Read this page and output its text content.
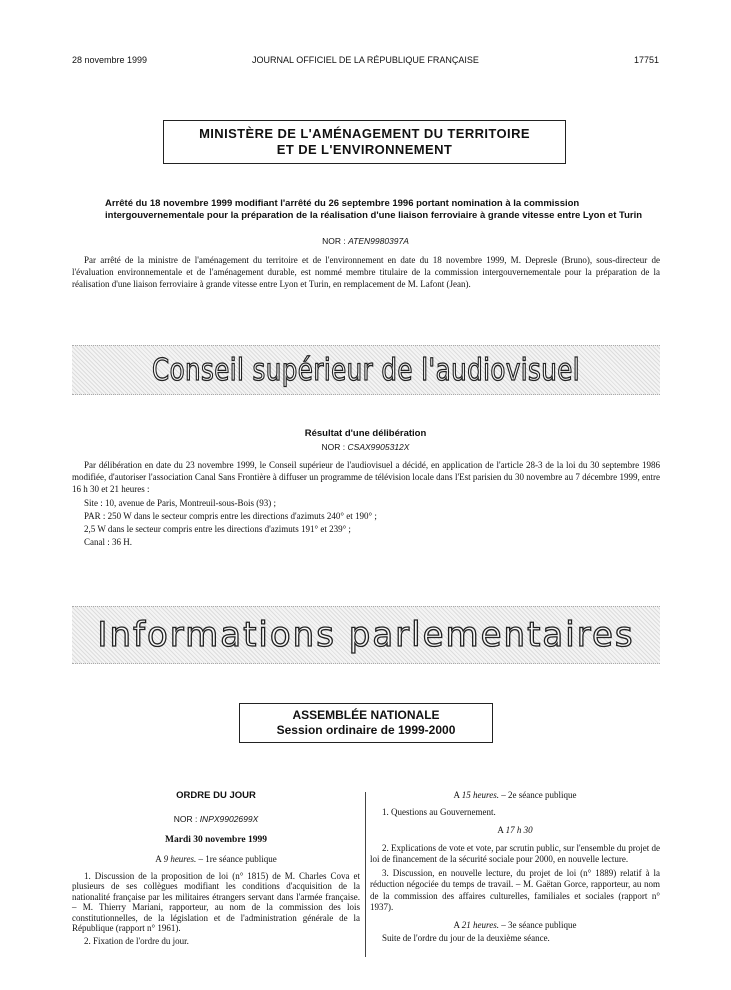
28 novembre 1999	JOURNAL OFFICIEL DE LA RÉPUBLIQUE FRANÇAISE	17751
MINISTÈRE DE L'AMÉNAGEMENT DU TERRITOIRE
ET DE L'ENVIRONNEMENT
Arrêté du 18 novembre 1999 modifiant l'arrêté du 26 septembre 1996 portant nomination à la commission intergouvernementale pour la préparation de la réalisation d'une liaison ferroviaire à grande vitesse entre Lyon et Turin
NOR : ATEN9980397A
Par arrêté de la ministre de l'aménagement du territoire et de l'environnement en date du 18 novembre 1999, M. Depresle (Bruno), sous-directeur de l'évaluation environnementale et de l'aménagement durable, est nommé membre titulaire de la commission intergouvernementale pour la préparation de la réalisation d'une liaison ferroviaire à grande vitesse entre Lyon et Turin, en remplacement de M. Lafont (Jean).
Conseil supérieur de l'audiovisuel
Résultat d'une délibération
NOR : CSAX9905312X
Par délibération en date du 23 novembre 1999, le Conseil supérieur de l'audiovisuel a décidé, en application de l'article 28-3 de la loi du 30 septembre 1986 modifiée, d'autoriser l'association Canal Sans Frontière à diffuser un programme de télévision locale dans l'Est parisien du 30 novembre au 7 décembre 1999, entre 16 h 30 et 21 heures :
Site : 10, avenue de Paris, Montreuil-sous-Bois (93) ;
PAR : 250 W dans le secteur compris entre les directions d'azimuts 240° et 190° ;
2,5 W dans le secteur compris entre les directions d'azimuts 191° et 239° ;
Canal : 36 H.
Informations parlementaires
ASSEMBLÉE NATIONALE
Session ordinaire de 1999-2000
ORDRE DU JOUR
NOR : INPX9902699X
Mardi 30 novembre 1999
A 9 heures. – 1re séance publique
1. Discussion de la proposition de loi (n° 1815) de M. Charles Cova et plusieurs de ses collègues modifiant les conditions d'acquisition de la nationalité française par les militaires étrangers servant dans l'armée française. – M. Thierry Mariani, rapporteur, au nom de la commission des lois constitutionnelles, de la législation et de l'administration générale de la République (rapport n° 1961).
2. Fixation de l'ordre du jour.
A 15 heures. – 2e séance publique
1. Questions au Gouvernement.
A 17 h 30
2. Explications de vote et vote, par scrutin public, sur l'ensemble du projet de loi de financement de la sécurité sociale pour 2000, en nouvelle lecture.
3. Discussion, en nouvelle lecture, du projet de loi (n° 1889) relatif à la réduction négociée du temps de travail. – M. Gaëtan Gorce, rapporteur, au nom de la commission des affaires culturelles, familiales et sociales (rapport n° 1937).
A 21 heures. – 3e séance publique
Suite de l'ordre du jour de la deuxième séance.
